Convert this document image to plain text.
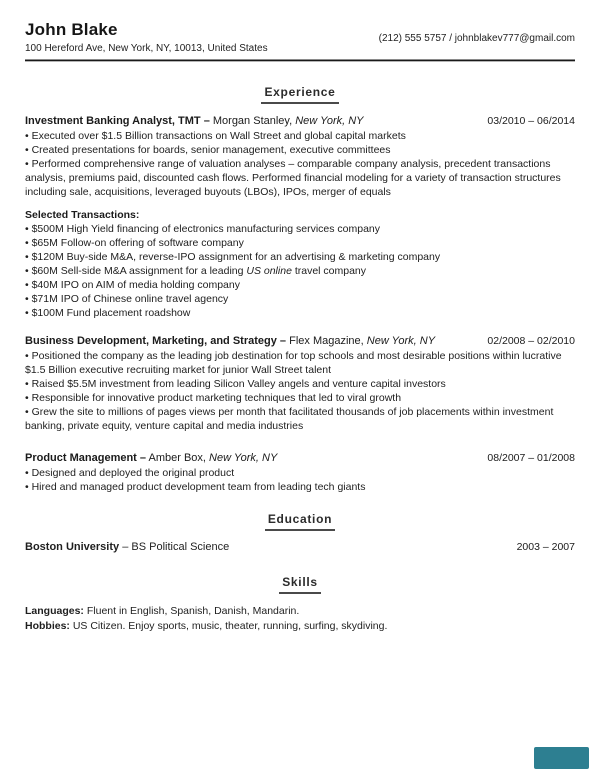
John Blake
100 Hereford Ave, New York, NY, 10013, United States
(212) 555 5757 / johnblakev777@gmail.com
Experience
Investment Banking Analyst, TMT – Morgan Stanley, New York, NY	03/2010 – 06/2014
• Executed over $1.5 Billion transactions on Wall Street and global capital markets
• Created presentations for boards, senior management, executive committees
• Performed comprehensive range of valuation analyses – comparable company analysis, precedent transactions analysis, premiums paid, discounted cash flows. Performed financial modeling for a variety of transaction structures including sale, acquisitions, leveraged buyouts (LBOs), IPOs, merger of equals
Selected Transactions:
• $500M High Yield financing of electronics manufacturing services company
• $65M Follow-on offering of software company
• $120M Buy-side M&A, reverse-IPO assignment for an advertising & marketing company
• $60M Sell-side M&A assignment for a leading US online travel company
• $40M IPO on AIM of media holding company
• $71M IPO of Chinese online travel agency
• $100M Fund placement roadshow
Business Development, Marketing, and Strategy – Flex Magazine, New York, NY	02/2008 – 02/2010
• Positioned the company as the leading job destination for top schools and most desirable positions within lucrative $1.5 Billion executive recruiting market for junior Wall Street talent
• Raised $5.5M investment from leading Silicon Valley angels and venture capital investors
• Responsible for innovative product marketing techniques that led to viral growth
• Grew the site to millions of pages views per month that facilitated thousands of job placements within investment banking, private equity, venture capital and media industries
Product Management – Amber Box, New York, NY	08/2007 – 01/2008
• Designed and deployed the original product
• Hired and managed product development team from leading tech giants
Education
Boston University – BS Political Science	2003 – 2007
Skills
Languages: Fluent in English, Spanish, Danish, Mandarin.
Hobbies: US Citizen. Enjoy sports, music, theater, running, surfing, skydiving.
